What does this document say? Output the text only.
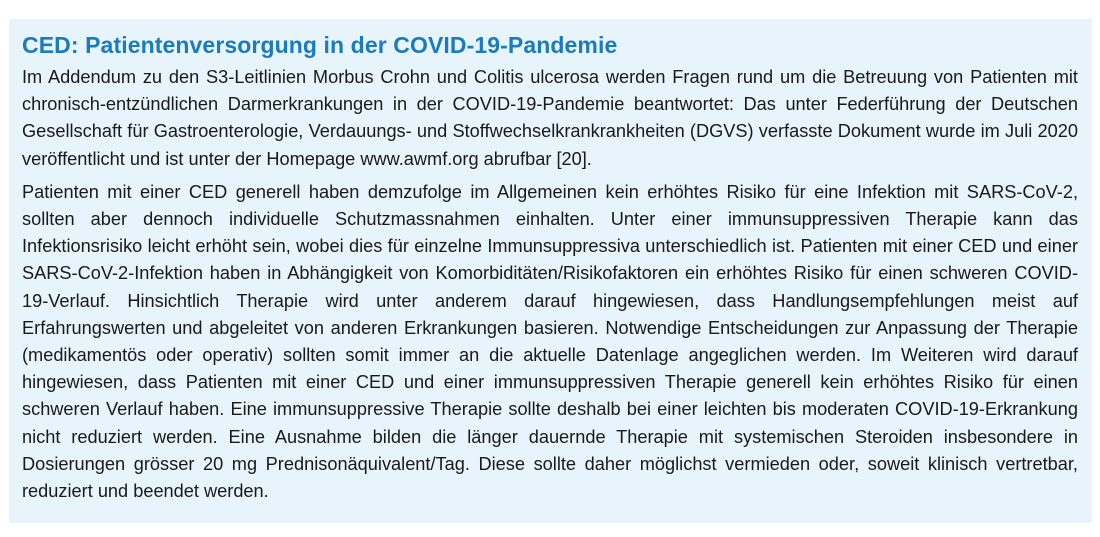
CED: Patientenversorgung in der COVID-19-Pandemie

Im Addendum zu den S3-Leitlinien Morbus Crohn und Colitis ulcerosa werden Fragen rund um die Betreuung von Patienten mit chronisch-entzündlichen Darmerkrankungen in der COVID-19-Pandemie beantwortet: Das unter Federführung der Deutschen Gesellschaft für Gastroenterologie, Verdauungs- und Stoffwechselkrankrankheiten (DGVS) verfasste Dokument wurde im Juli 2020 veröffentlicht und ist unter der Homepage www.awmf.org abrufbar [20].

Patienten mit einer CED generell haben demzufolge im Allgemeinen kein erhöhtes Risiko für eine Infektion mit SARS-CoV-2, sollten aber dennoch individuelle Schutzmassnahmen einhalten. Unter einer immunsuppressiven Therapie kann das Infektionsrisiko leicht erhöht sein, wobei dies für einzelne Immunsuppressiva unterschiedlich ist. Patienten mit einer CED und einer SARS-CoV-2-Infektion haben in Abhängigkeit von Komorbiditäten/Risikofaktoren ein erhöhtes Risiko für einen schweren COVID-19-Verlauf. Hinsichtlich Therapie wird unter anderem darauf hingewiesen, dass Handlungsempfehlungen meist auf Erfahrungswerten und abgeleitet von anderen Erkrankungen basieren. Notwendige Entscheidungen zur Anpassung der Therapie (medikamentös oder operativ) sollten somit immer an die aktuelle Datenlage angeglichen werden. Im Weiteren wird darauf hingewiesen, dass Patienten mit einer CED und einer immunsuppressiven Therapie generell kein erhöhtes Risiko für einen schweren Verlauf haben. Eine immunsuppressive Therapie sollte deshalb bei einer leichten bis moderaten COVID-19-Erkrankung nicht reduziert werden. Eine Ausnahme bilden die länger dauernde Therapie mit systemischen Steroiden insbesondere in Dosierungen grösser 20 mg Prednisonäquivalent/Tag. Diese sollte daher möglichst vermieden oder, soweit klinisch vertretbar, reduziert und beendet werden.
